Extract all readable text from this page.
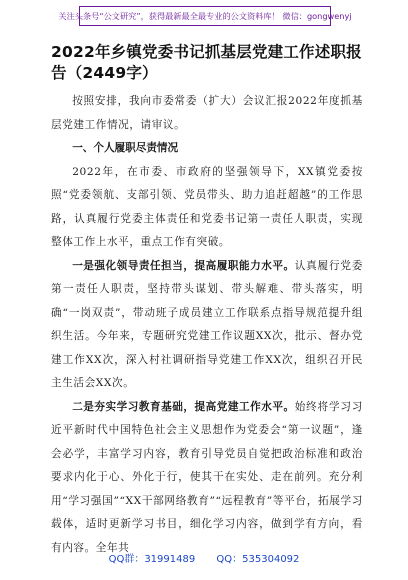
关注头条号“公文研究”，获得最新最全最专业的公文资料库！ 微信：gongwenyj
2022年乡镇党委书记抓基层党建工作述职报告（2449字）

按照安排，我向市委常委（扩大）会议汇报2022年度抓基层党建工作情况，请审议。

一、个人履职尽责情况

2022年，在市委、市政府的坚强领导下，XX镇党委按照“党委领航、支部引领、党员带头、助力追赶超越”的工作思路，认真履行党委主体责任和党委书记第一责任人职责，实现整体工作上水平，重点工作有突破。

一是强化领导责任担当，提高履职能力水平。认真履行党委第一责任人职责，坚持带头谋划、带头解难、带头落实，明确“一岗双责”，带动班子成员建立工作联系点指导规范提升组织生活。今年来，专题研究党建工作议题XX次，批示、督办党建工作XX次，深入村社调研指导党建工作XX次，组织召开民主生活会XX次。

二是夯实学习教育基础，提高党建工作水平。始终将学习习近平新时代中国特色社会主义思想作为党委会“第一议题”，逢会必学，丰富学习内容，教育引导党员自觉把政治标准和政治要求内化于心、外化于行，使其干在实处、走在前列。充分利用“学习强国”“XX干部网络教育”“远程教育”等平台，拓展学习载体，适时更新学习书目，细化学习内容，做到学有方向，看有内容。全年共

QQ群：31991489 QQ：535304092
